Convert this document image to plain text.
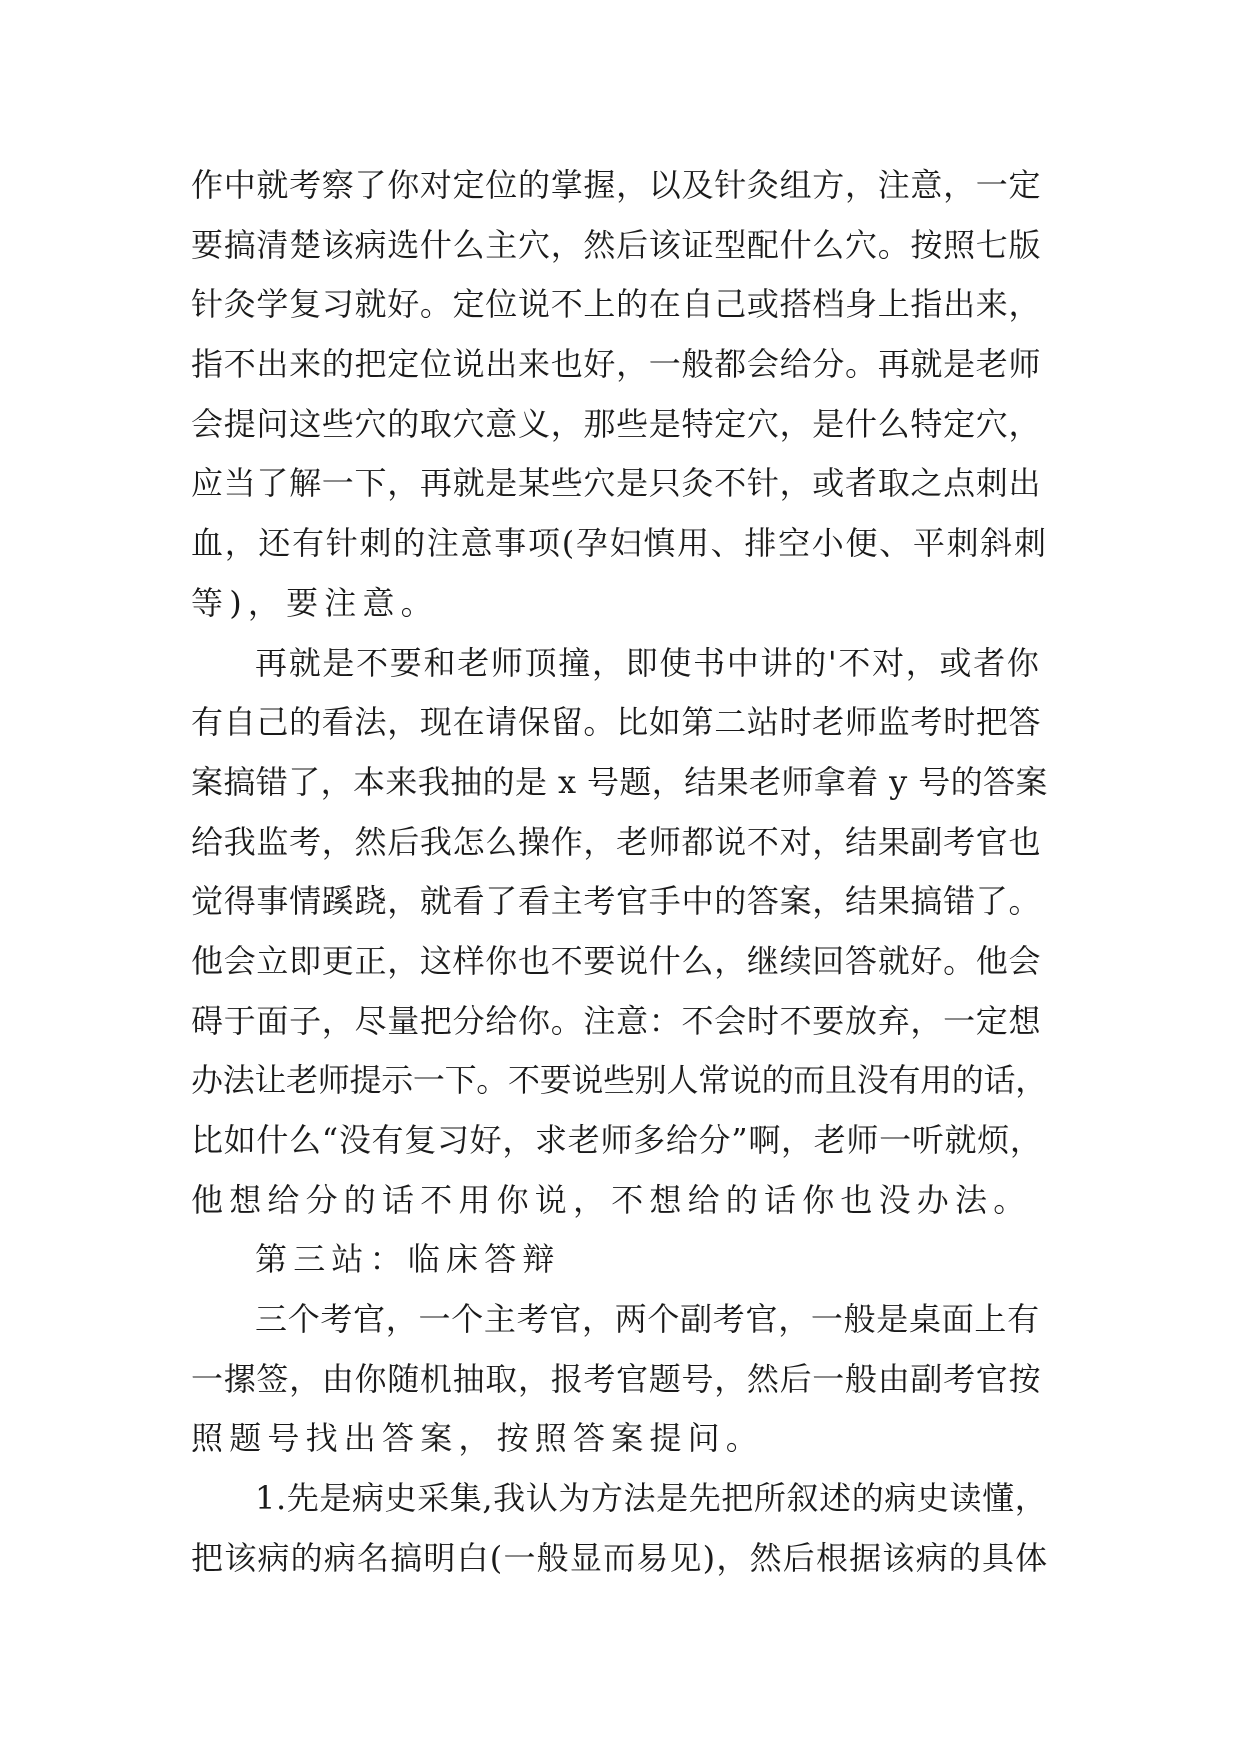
作中就考察了你对定位的掌握，以及针灸组方，注意，一定
要搞清楚该病选什么主穴，然后该证型配什么穴。按照七版
针灸学复习就好。定位说不上的在自己或搭档身上指出来，
指不出来的把定位说出来也好，一般都会给分。再就是老师
会提问这些穴的取穴意义，那些是特定穴，是什么特定穴，
应当了解一下，再就是某些穴是只灸不针，或者取之点刺出
血，还有针刺的注意事项(孕妇慎用、排空小便、平刺斜刺
等)，要注意。
再就是不要和老师顶撞，即使书中讲的'不对，或者你
有自己的看法，现在请保留。比如第二站时老师监考时把答
案搞错了，本来我抽的是 x 号题，结果老师拿着 y 号的答案
给我监考，然后我怎么操作，老师都说不对，结果副考官也
觉得事情蹊跷，就看了看主考官手中的答案，结果搞错了。
他会立即更正，这样你也不要说什么，继续回答就好。他会
碍于面子，尽量把分给你。注意：不会时不要放弃，一定想
办法让老师提示一下。不要说些别人常说的而且没有用的话，
比如什么“没有复习好，求老师多给分”啊，老师一听就烦，
他想给分的话不用你说，不想给的话你也没办法。
第三站：临床答辩
三个考官，一个主考官，两个副考官，一般是桌面上有
一摞签，由你随机抽取，报考官题号，然后一般由副考官按
照题号找出答案，按照答案提问。
1.先是病史采集,我认为方法是先把所叙述的病史读懂，
把该病的病名搞明白(一般显而易见)，然后根据该病的具体
